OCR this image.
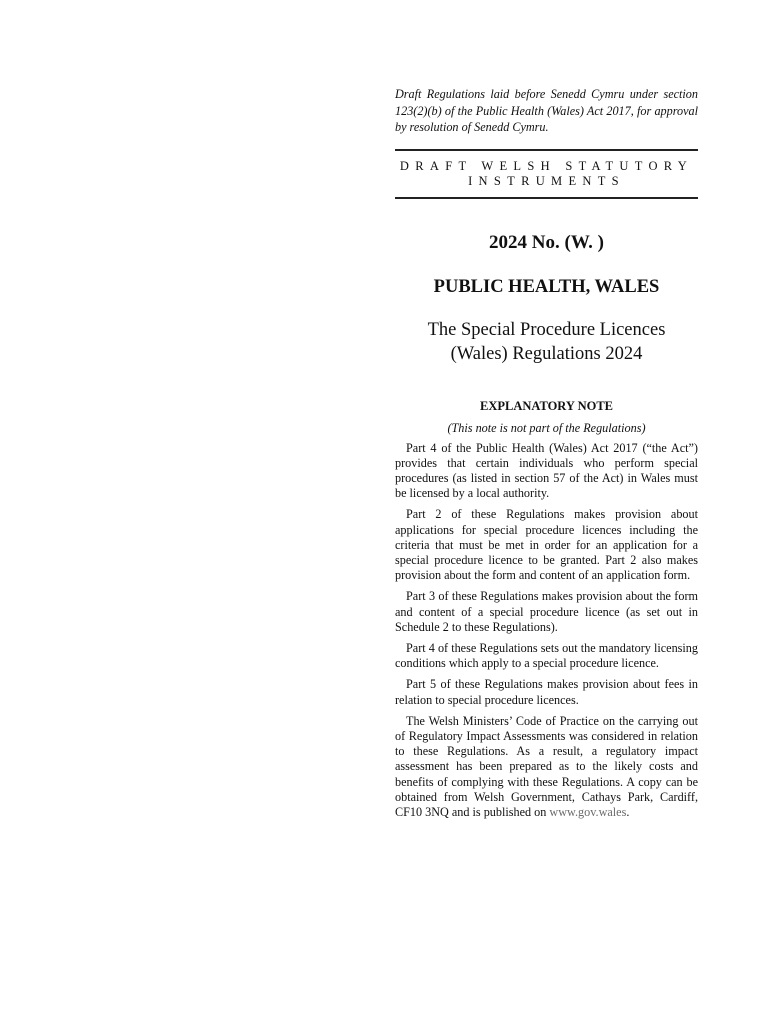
Draft Regulations laid before Senedd Cymru under section 123(2)(b) of the Public Health (Wales) Act 2017, for approval by resolution of Senedd Cymru.

DRAFT WELSH STATUTORY

INSTRUMENTS

2024 No. (W. )

PUBLIC HEALTH, WALES

The Special Procedure Licences
(Wales) Regulations 2024

EXPLANATORY NOTE

(This note is not part of the Regulations)

Part 4 of the Public Health (Wales) Act 2017 (“the Act”) provides that certain individuals who perform special procedures (as listed in section 57 of the Act) in Wales must be licensed by a local authority.

Part 2 of these Regulations makes provision about applications for special procedure licences including the criteria that must be met in order for an application for a special procedure licence to be granted. Part 2 also makes provision about the form and content of an application form.

Part 3 of these Regulations makes provision about the form and content of a special procedure licence (as set out in Schedule 2 to these Regulations).

Part 4 of these Regulations sets out the mandatory licensing conditions which apply to a special procedure licence.

Part 5 of these Regulations makes provision about fees in relation to special procedure licences.

The Welsh Ministers’ Code of Practice on the carrying out of Regulatory Impact Assessments was considered in relation to these Regulations. As a result, a regulatory impact assessment has been prepared as to the likely costs and benefits of complying with these Regulations. A copy can be obtained from Welsh Government, Cathays Park, Cardiff, CF10 3NQ and is published on www.gov.wales.
